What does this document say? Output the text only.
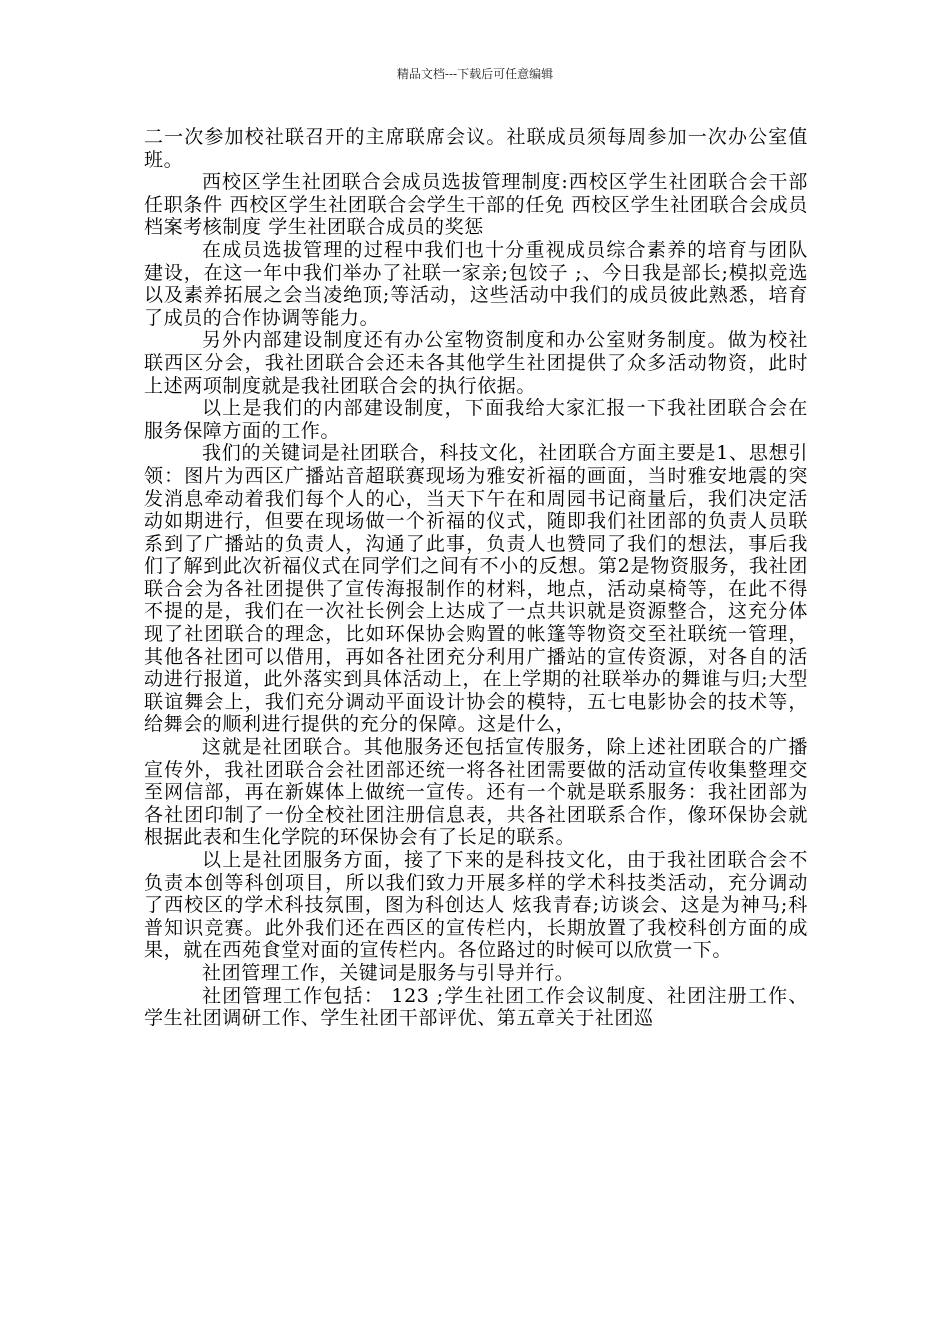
精品文档---下载后可任意编辑

二一次参加校社联召开的主席联席会议。社联成员须每周参加一次办公室值班。

西校区学生社团联合会成员选拔管理制度:西校区学生社团联合会干部任职条件 西校区学生社团联合会学生干部的任免 西校区学生社团联合会成员档案考核制度 学生社团联合成员的奖惩

在成员选拔管理的过程中我们也十分重视成员综合素养的培育与团队建设，在这一年中我们举办了社联一家亲;包饺子 ;、今日我是部长;模拟竞选以及素养拓展之会当凌绝顶;等活动，这些活动中我们的成员彼此熟悉，培育了成员的合作协调等能力。

另外内部建设制度还有办公室物资制度和办公室财务制度。做为校社联西区分会，我社团联合会还未各其他学生社团提供了众多活动物资，此时上述两项制度就是我社团联合会的执行依据。

以上是我们的内部建设制度，下面我给大家汇报一下我社团联合会在服务保障方面的工作。

我们的关键词是社团联合，科技文化，社团联合方面主要是1、思想引领：图片为西区广播站音超联赛现场为雅安祈福的画面，当时雅安地震的突发消息牵动着我们每个人的心，当天下午在和周园书记商量后，我们决定活动如期进行，但要在现场做一个祈福的仪式，随即我们社团部的负责人员联系到了广播站的负责人，沟通了此事，负责人也赞同了我们的想法，事后我们了解到此次祈福仪式在同学们之间有不小的反想。第2是物资服务，我社团联合会为各社团提供了宣传海报制作的材料，地点，活动桌椅等，在此不得不提的是，我们在一次社长例会上达成了一点共识就是资源整合，这充分体现了社团联合的理念，比如环保协会购置的帐篷等物资交至社联统一管理，其他各社团可以借用，再如各社团充分利用广播站的宣传资源，对各自的活动进行报道，此外落实到具体活动上，在上学期的社联举办的舞谁与归;大型联谊舞会上，我们充分调动平面设计协会的模特，五七电影协会的技术等，给舞会的顺利进行提供的充分的保障。这是什么，

这就是社团联合。其他服务还包括宣传服务，除上述社团联合的广播宣传外，我社团联合会社团部还统一将各社团需要做的活动宣传收集整理交至网信部，再在新媒体上做统一宣传。还有一个就是联系服务：我社团部为各社团印制了一份全校社团注册信息表，共各社团联系合作，像环保协会就根据此表和生化学院的环保协会有了长足的联系。

以上是社团服务方面，接了下来的是科技文化，由于我社团联合会不负责本创等科创项目，所以我们致力开展多样的学术科技类活动，充分调动了西校区的学术科技氛围，图为科创达人 炫我青春;访谈会、这是为神马;科普知识竞赛。此外我们还在西区的宣传栏内，长期放置了我校科创方面的成果，就在西苑食堂对面的宣传栏内。各位路过的时候可以欣赏一下。

社团管理工作，关键词是服务与引导并行。

社团管理工作包括： 123 ;学生社团工作会议制度、社团注册工作、 学生社团调研工作、学生社团干部评优、第五章关于社团巡
